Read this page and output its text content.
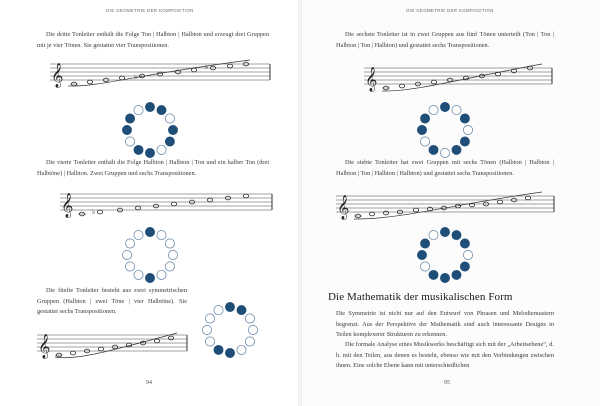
DIE GEOMETRIE DER KOMPOSITION	DIE GEOMETRIE DER KOMPOSITION

Die dritte Tonleiter enthält die Folge Ton | Halbton | Halbton und erzeugt drei Gruppen mit je vier Tönen. Sie gestattet vier Transpositionen.

Die vierte Tonleiter enthält die Folge Halbton | Halbton | Ton und ein halber Ton (drei Halbtöne) | Halbton. Zwei Gruppen und sechs Transpositionen.

Die fünfte Tonleiter besteht aus zwei symmetrischen Gruppen (Halbton | zwei Töne | vier Halbtöne). Sie gestattet sechs Transpositionen.

94

Die sechste Tonleiter ist in zwei Gruppen aus fünf Tönen unterteilt (Ton | Ton | Halbton | Ton | Halbton) und gestattet sechs Transpositionen.

Die siebte Tonleiter hat zwei Gruppen mit sechs Tönen (Halbton | Halbton | Halbton | Ton | Halbton | Halbton) und gestattet sechs Transpositionen.

Die Mathematik der musikalischen Form

Die Symmetrie ist nicht nur auf den Entwurf von Phrasen und Melodiemustern begrenzt. Aus der Perspektive der Mathematik sind auch interessante Designs in Teilen komplexerer Strukturen zu erkennen.

Die formale Analyse eines Musikwerks beschäftigt sich mit der „Arbeitsebene“, d. h. mit den Teilen, aus denen es besteht, ebenso wie mit den Verbindungen zwischen ihnen. Eine solche Ebene kann mit unterschiedlichen

95
𝄞	♭
♭
𝄞	♭
𝄞
𝄞
𝄞
